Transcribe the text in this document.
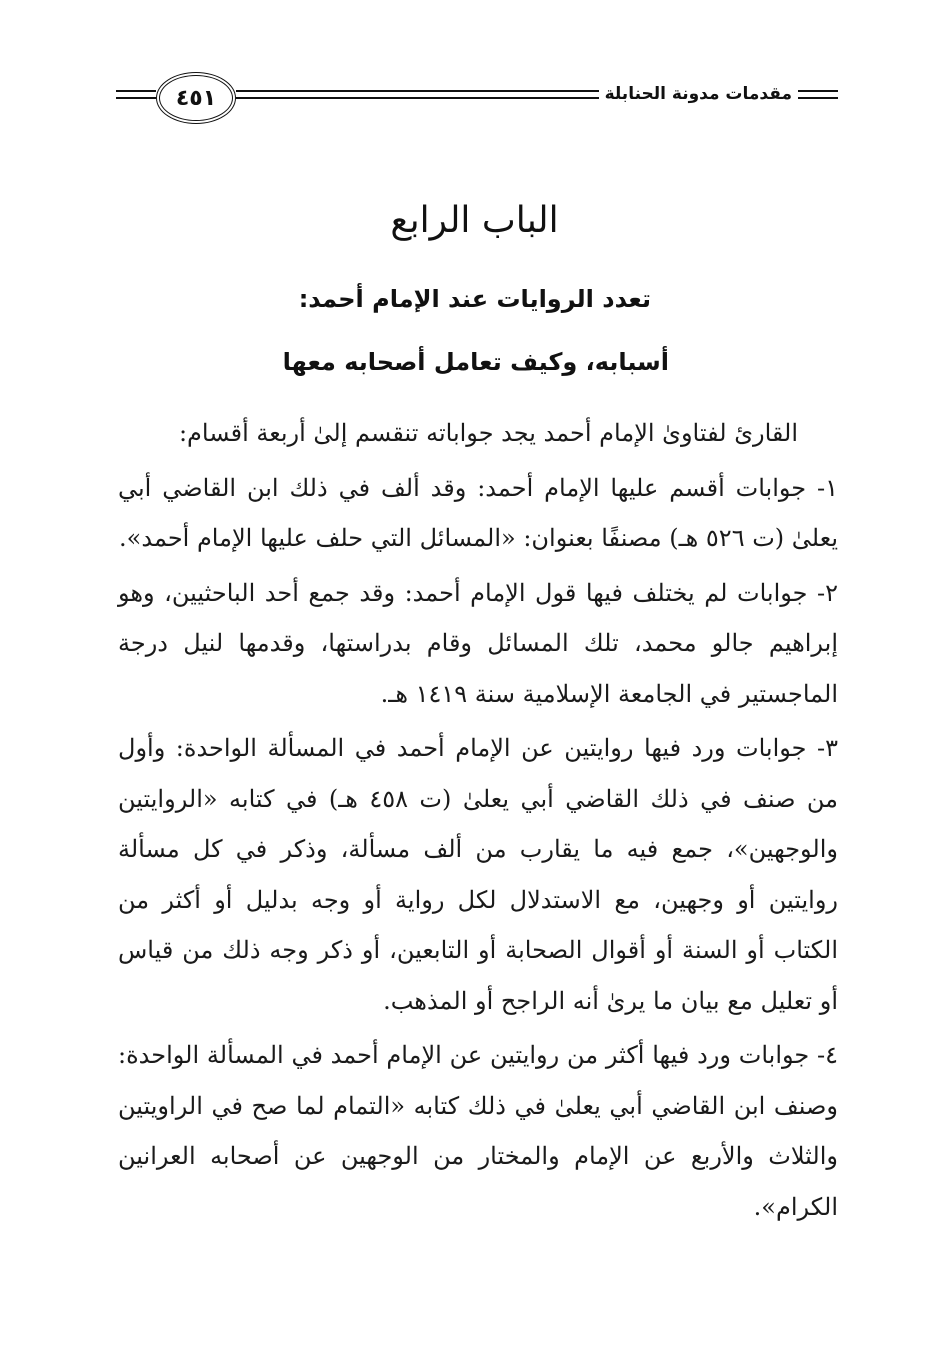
٤٥١	مقدمات مدونة الحنابلة
الباب الرابع
تعدد الروايات عند الإمام أحمد:
أسبابه، وكيف تعامل أصحابه معها

القارئ لفتاوىٰ الإمام أحمد يجد جواباته تنقسم إلىٰ أربعة أقسام:

١- جوابات أقسم عليها الإمام أحمد: وقد ألف في ذلك ابن القاضي أبي يعلىٰ (ت ٥٢٦ هـ) مصنفًا بعنوان: «المسائل التي حلف عليها الإمام أحمد».

٢- جوابات لم يختلف فيها قول الإمام أحمد: وقد جمع أحد الباحثيين، وهو إبراهيم جالو محمد، تلك المسائل وقام بدراستها، وقدمها لنيل درجة الماجستير في الجامعة الإسلامية سنة ١٤١٩ هـ.

٣- جوابات ورد فيها روايتين عن الإمام أحمد في المسألة الواحدة: وأول من صنف في ذلك القاضي أبي يعلىٰ (ت ٤٥٨ هـ) في كتابه «الروايتين والوجهين»، جمع فيه ما يقارب من ألف مسألة، وذكر في كل مسألة روايتين أو وجهين، مع الاستدلال لكل رواية أو وجه بدليل أو أكثر من الكتاب أو السنة أو أقوال الصحابة أو التابعين، أو ذكر وجه ذلك من قياس أو تعليل مع بيان ما يرىٰ أنه الراجح أو المذهب.

٤- جوابات ورد فيها أكثر من روايتين عن الإمام أحمد في المسألة الواحدة: وصنف ابن القاضي أبي يعلىٰ في ذلك كتابه «التمام لما صح في الراويتين والثلاث والأربع عن الإمام والمختار من الوجهين عن أصحابه العرانين الكرام».
